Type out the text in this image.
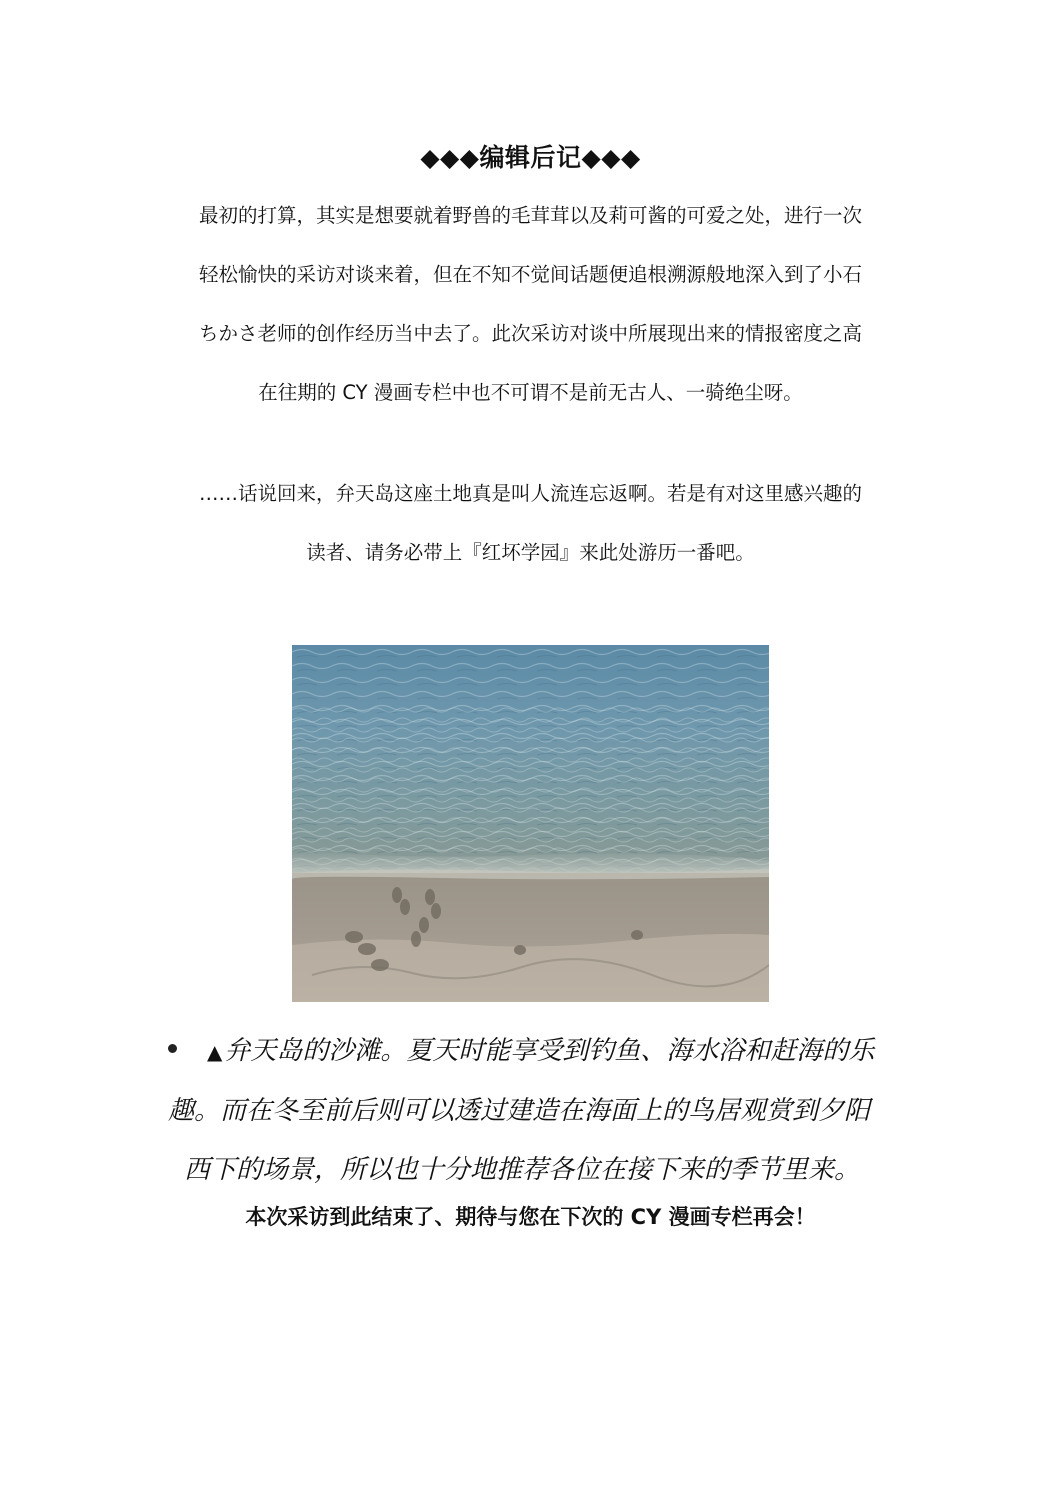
◆◆◆编辑后记◆◆◆
最初的打算，其实是想要就着野兽的毛茸茸以及莉可酱的可爱之处，进行一次
轻松愉快的采访对谈来着，但在不知不觉间话题便追根溯源般地深入到了小石
ちかさ老师的创作经历当中去了。此次采访对谈中所展现出来的情报密度之高
在往期的 CY 漫画专栏中也不可谓不是前无古人、一骑绝尘呀。
……话说回来，弁天岛这座土地真是叫人流连忘返啊。若是有对这里感兴趣的
读者、请务必带上『红坏学园』来此处游历一番吧。
▲弁天岛的沙滩。夏天时能享受到钓鱼、海水浴和赶海的乐
趣。而在冬至前后则可以透过建造在海面上的鸟居观赏到夕阳
西下的场景，所以也十分地推荐各位在接下来的季节里来。
本次采访到此结束了、期待与您在下次的 CY 漫画专栏再会！
